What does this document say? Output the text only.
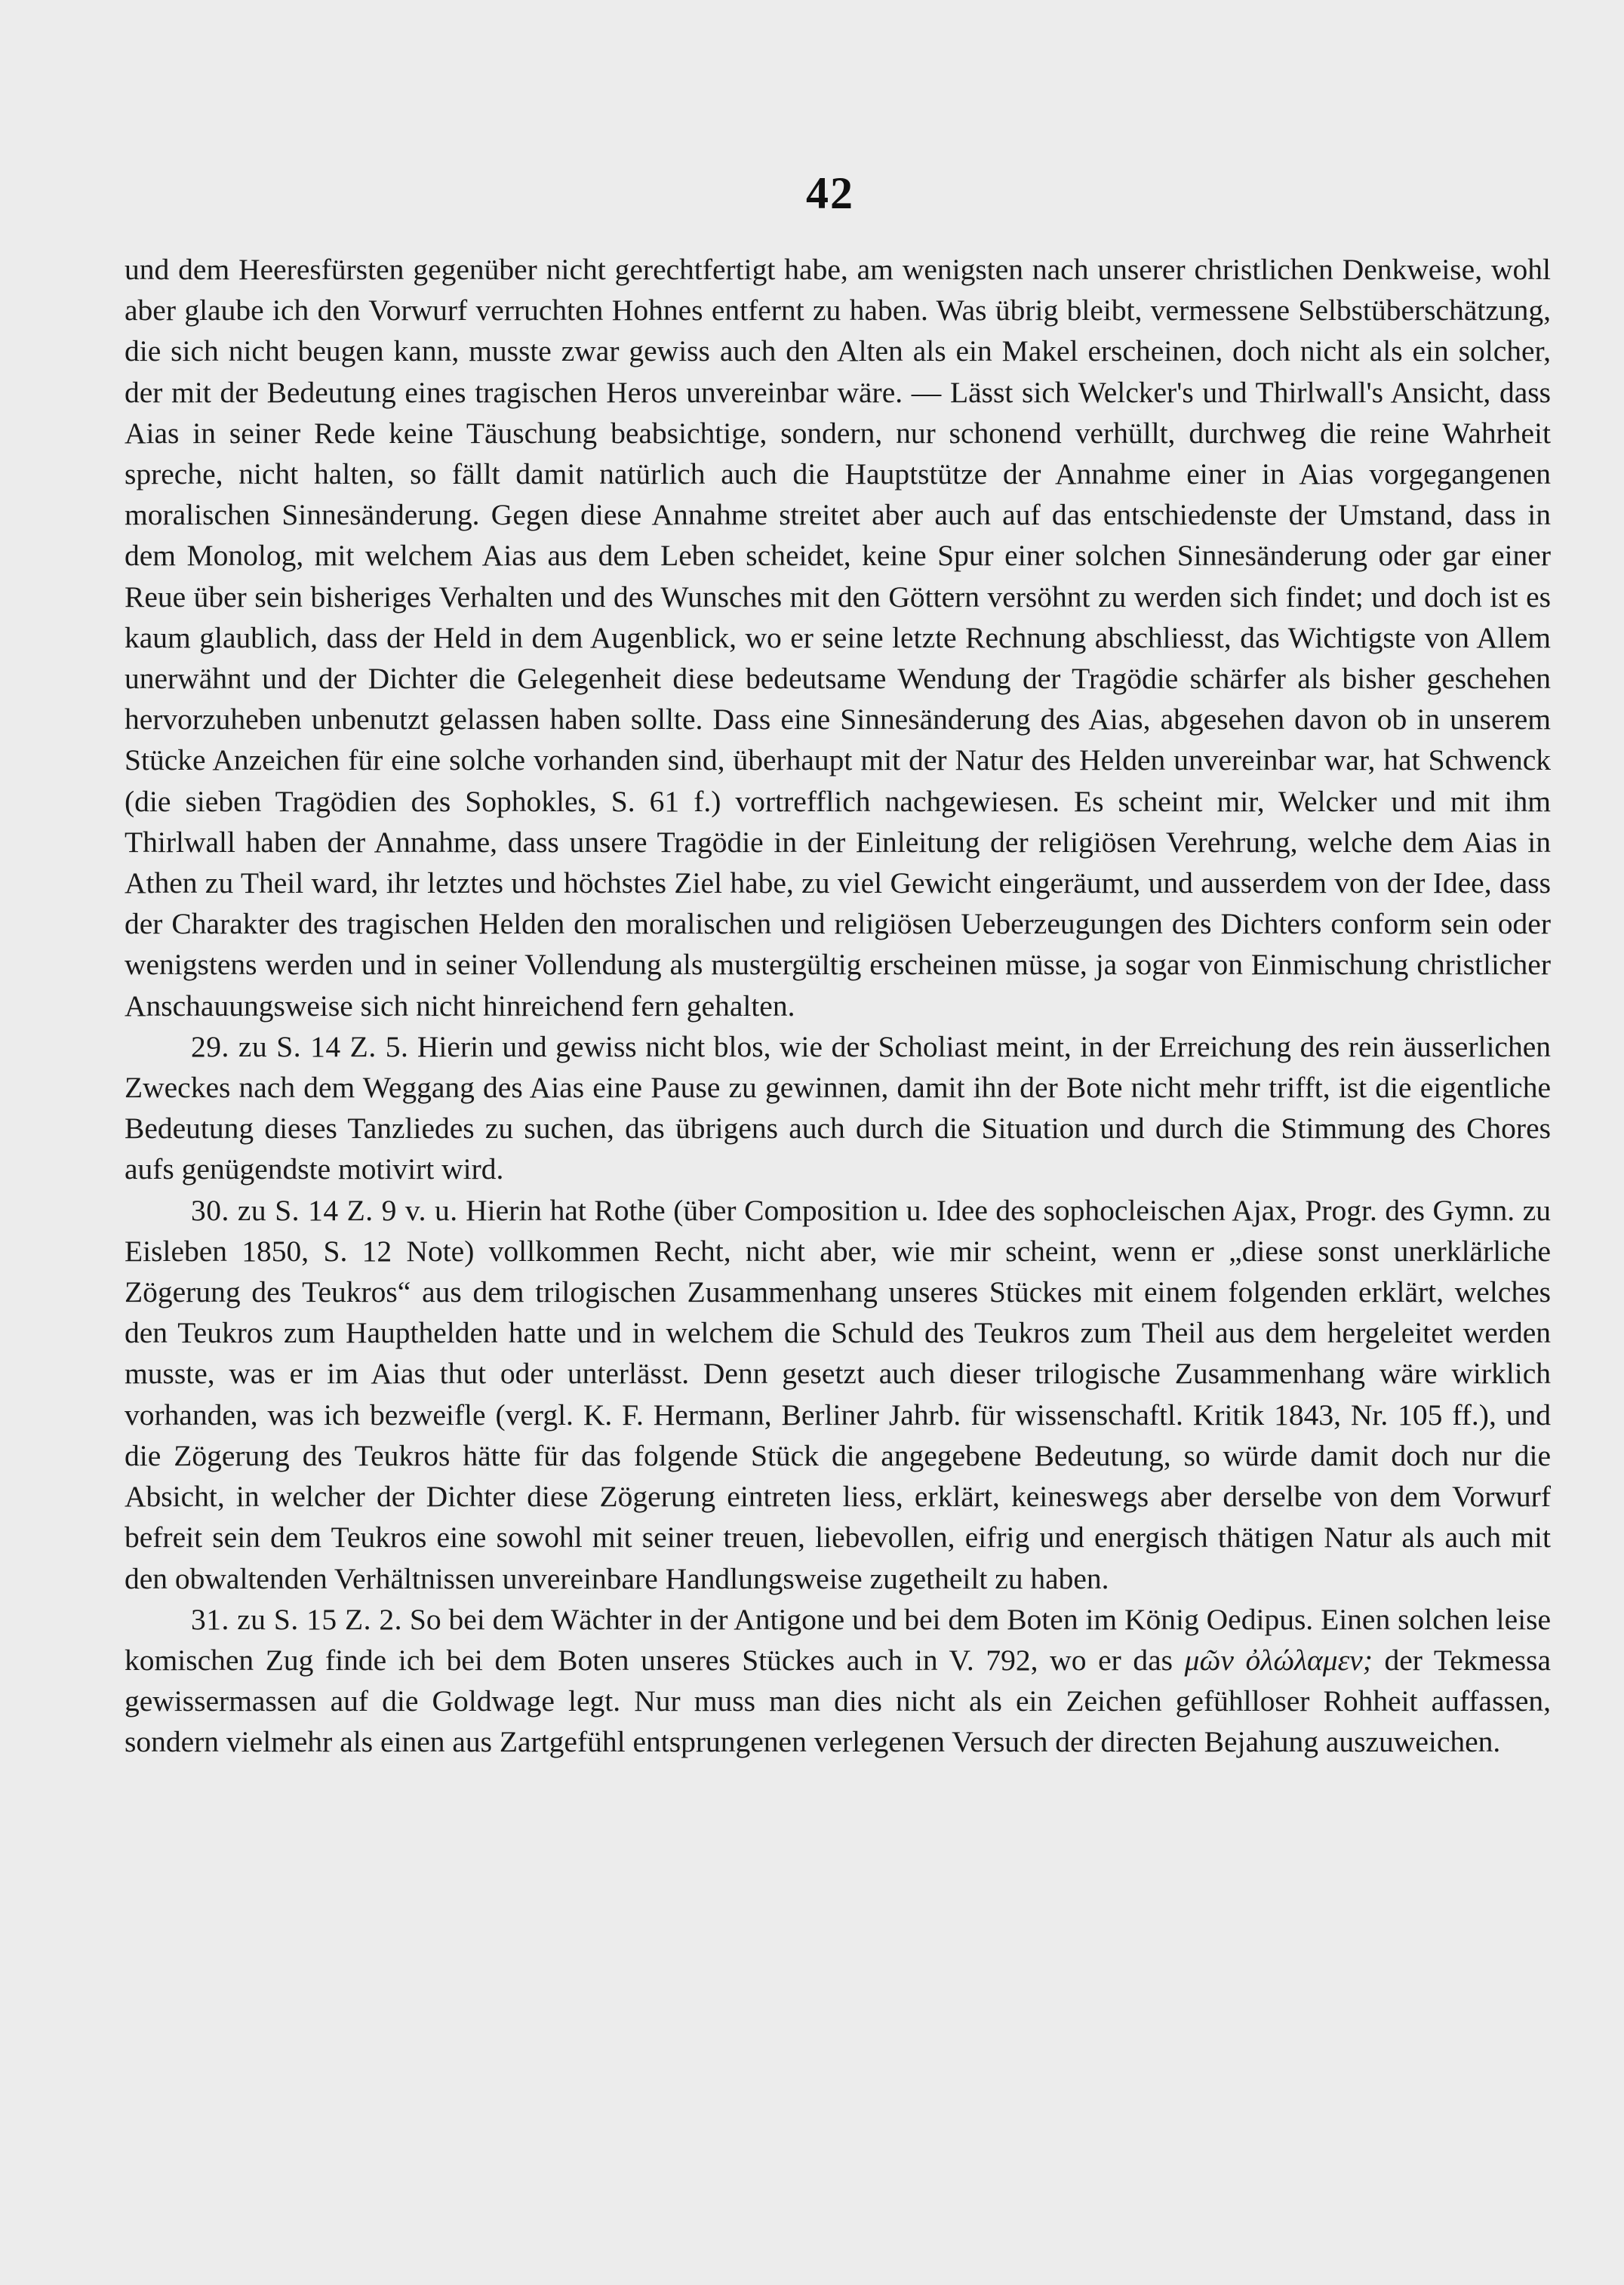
42

und dem Heeresfürsten gegenüber nicht gerechtfertigt habe, am wenigsten nach unserer christlichen Denkweise, wohl aber glaube ich den Vorwurf verruchten Hohnes entfernt zu haben. Was übrig bleibt, vermessene Selbstüberschätzung, die sich nicht beugen kann, musste zwar gewiss auch den Alten als ein Makel erscheinen, doch nicht als ein solcher, der mit der Bedeutung eines tragischen Heros unvereinbar wäre. — Lässt sich Welcker's und Thirlwall's Ansicht, dass Aias in seiner Rede keine Täuschung beabsichtige, sondern, nur schonend verhüllt, durchweg die reine Wahrheit spreche, nicht halten, so fällt damit natürlich auch die Hauptstütze der Annahme einer in Aias vorgegangenen moralischen Sinnesänderung. Gegen diese Annahme streitet aber auch auf das entschiedenste der Umstand, dass in dem Monolog, mit welchem Aias aus dem Leben scheidet, keine Spur einer solchen Sinnesänderung oder gar einer Reue über sein bisheriges Verhalten und des Wunsches mit den Göttern versöhnt zu werden sich findet; und doch ist es kaum glaublich, dass der Held in dem Augenblick, wo er seine letzte Rechnung abschliesst, das Wichtigste von Allem unerwähnt und der Dichter die Gelegenheit diese bedeutsame Wendung der Tragödie schärfer als bisher geschehen hervorzuheben unbenutzt gelassen haben sollte. Dass eine Sinnesänderung des Aias, abgesehen davon ob in unserem Stücke Anzeichen für eine solche vorhanden sind, überhaupt mit der Natur des Helden unvereinbar war, hat Schwenck (die sieben Tragödien des Sophokles, S. 61 f.) vortrefflich nachgewiesen. Es scheint mir, Welcker und mit ihm Thirlwall haben der Annahme, dass unsere Tragödie in der Einleitung der religiösen Verehrung, welche dem Aias in Athen zu Theil ward, ihr letztes und höchstes Ziel habe, zu viel Gewicht eingeräumt, und ausserdem von der Idee, dass der Charakter des tragischen Helden den moralischen und religiösen Ueberzeugungen des Dichters conform sein oder wenigstens werden und in seiner Vollendung als mustergültig erscheinen müsse, ja sogar von Einmischung christlicher Anschauungsweise sich nicht hinreichend fern gehalten.

29. zu S. 14 Z. 5. Hierin und gewiss nicht blos, wie der Scholiast meint, in der Erreichung des rein äusserlichen Zweckes nach dem Weggang des Aias eine Pause zu gewinnen, damit ihn der Bote nicht mehr trifft, ist die eigentliche Bedeutung dieses Tanzliedes zu suchen, das übrigens auch durch die Situation und durch die Stimmung des Chores aufs genügendste motivirt wird.

30. zu S. 14 Z. 9 v. u. Hierin hat Rothe (über Composition u. Idee des sophocleischen Ajax, Progr. des Gymn. zu Eisleben 1850, S. 12 Note) vollkommen Recht, nicht aber, wie mir scheint, wenn er „diese sonst unerklärliche Zögerung des Teukros“ aus dem trilogischen Zusammenhang unseres Stückes mit einem folgenden erklärt, welches den Teukros zum Haupthelden hatte und in welchem die Schuld des Teukros zum Theil aus dem hergeleitet werden musste, was er im Aias thut oder unterlässt. Denn gesetzt auch dieser trilogische Zusammenhang wäre wirklich vorhanden, was ich bezweifle (vergl. K. F. Hermann, Berliner Jahrb. für wissenschaftl. Kritik 1843, Nr. 105 ff.), und die Zögerung des Teukros hätte für das folgende Stück die angegebene Bedeutung, so würde damit doch nur die Absicht, in welcher der Dichter diese Zögerung eintreten liess, erklärt, keineswegs aber derselbe von dem Vorwurf befreit sein dem Teukros eine sowohl mit seiner treuen, liebevollen, eifrig und energisch thätigen Natur als auch mit den obwaltenden Verhältnissen unvereinbare Handlungsweise zugetheilt zu haben.

31. zu S. 15 Z. 2. So bei dem Wächter in der Antigone und bei dem Boten im König Oedipus. Einen solchen leise komischen Zug finde ich bei dem Boten unseres Stückes auch in V. 792, wo er das μῶν ὀλώλαμεν; der Tekmessa gewissermassen auf die Goldwage legt. Nur muss man dies nicht als ein Zeichen gefühlloser Rohheit auffassen, sondern vielmehr als einen aus Zartgefühl entsprungenen verlegenen Versuch der directen Bejahung auszuweichen.
